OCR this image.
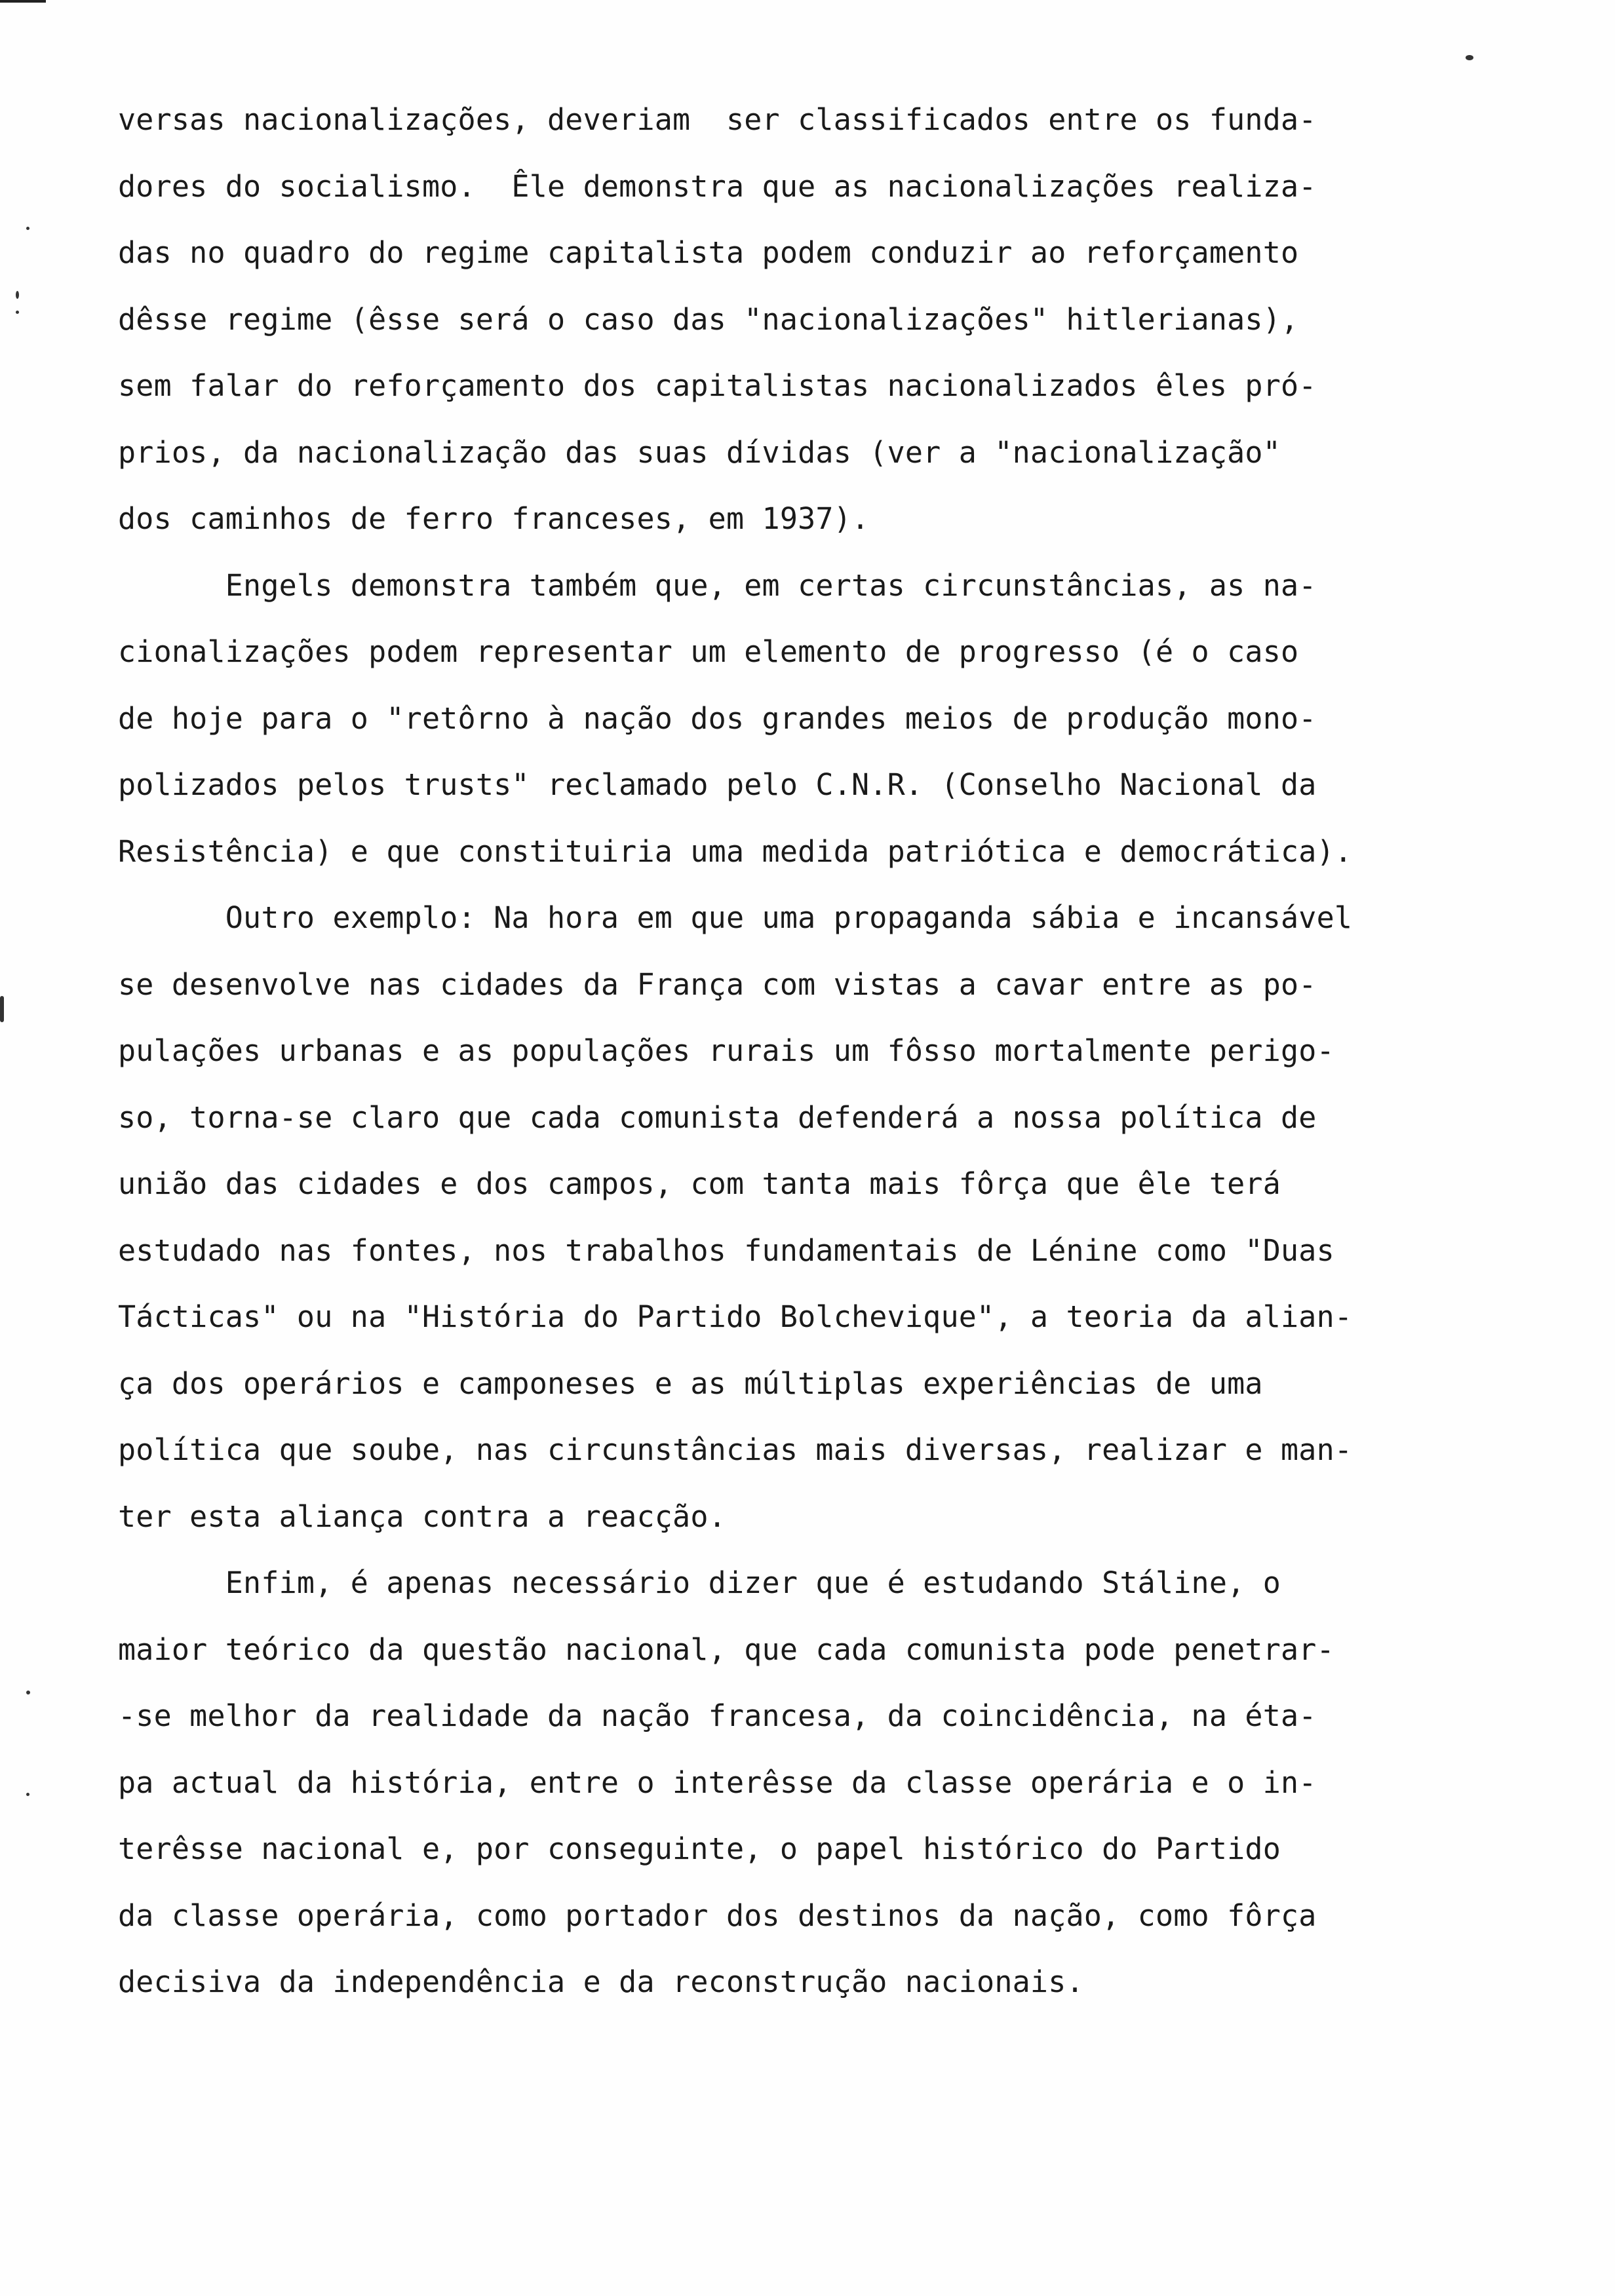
versas nacionalizações, deveriam  ser classificados entre os funda-
dores do socialismo.  Êle demonstra que as nacionalizações realiza-
das no quadro do regime capitalista podem conduzir ao reforçamento
dêsse regime (êsse será o caso das "nacionalizações" hitlerianas),
sem falar do reforçamento dos capitalistas nacionalizados êles pró-
prios, da nacionalização das suas dívidas (ver a "nacionalização"
dos caminhos de ferro franceses, em 1937).
Engels demonstra também que, em certas circunstâncias, as na-
cionalizações podem representar um elemento de progresso (é o caso
de hoje para o "retôrno à nação dos grandes meios de produção mono-
polizados pelos trusts" reclamado pelo C.N.R. (Conselho Nacional da
Resistência) e que constituiria uma medida patriótica e democrática).
Outro exemplo: Na hora em que uma propaganda sábia e incansável
se desenvolve nas cidades da França com vistas a cavar entre as po-
pulações urbanas e as populações rurais um fôsso mortalmente perigo-
so, torna-se claro que cada comunista defenderá a nossa política de
união das cidades e dos campos, com tanta mais fôrça que êle terá
estudado nas fontes, nos trabalhos fundamentais de Lénine como "Duas
Tácticas" ou na "História do Partido Bolchevique", a teoria da alian-
ça dos operários e camponeses e as múltiplas experiências de uma
política que soube, nas circunstâncias mais diversas, realizar e man-
ter esta aliança contra a reacção.
Enfim, é apenas necessário dizer que é estudando Stáline, o
maior teórico da questão nacional, que cada comunista pode penetrar-
-se melhor da realidade da nação francesa, da coincidência, na éta-
pa actual da história, entre o interêsse da classe operária e o in-
terêsse nacional e, por conseguinte, o papel histórico do Partido
da classe operária, como portador dos destinos da nação, como fôrça
decisiva da independência e da reconstrução nacionais.
